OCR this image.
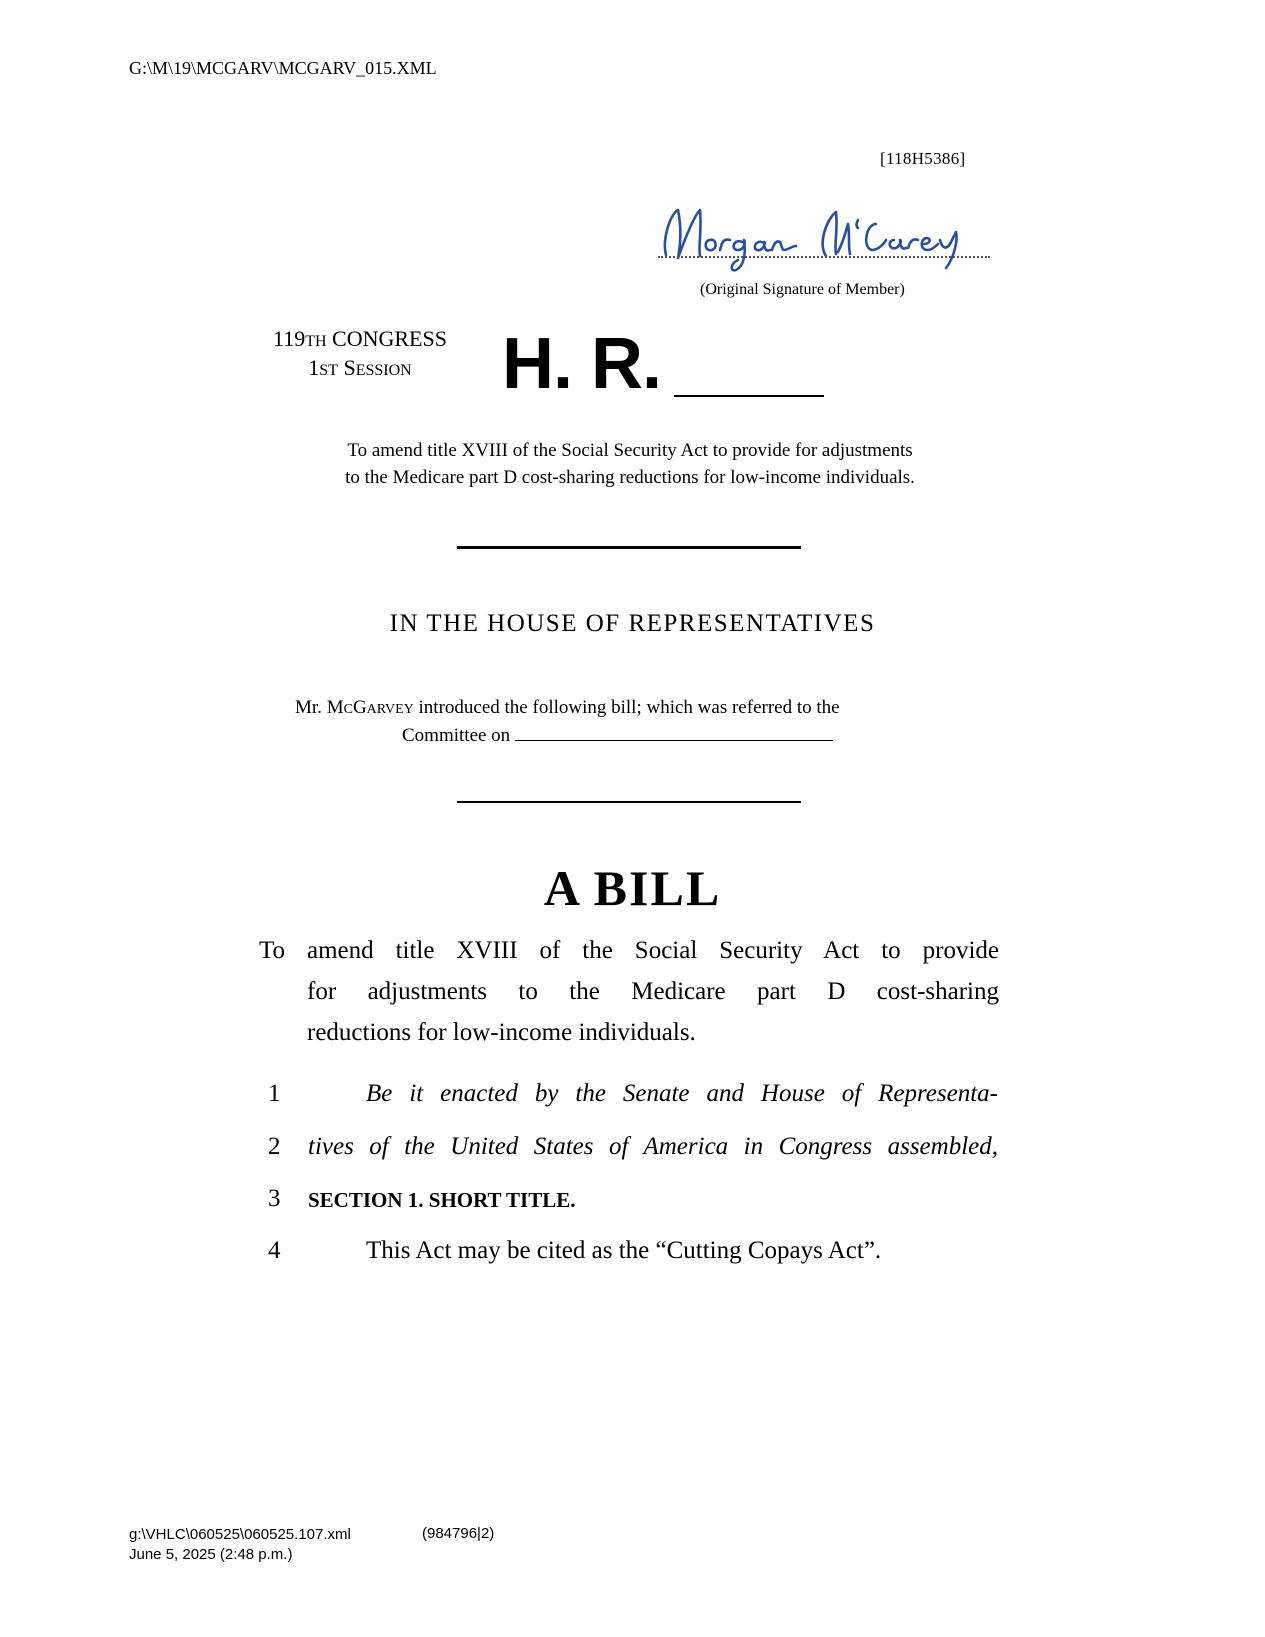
G:\M\19\MCGARV\MCGARV_015.XML
[118H5386]
(Original Signature of Member)
119TH CONGRESS
1ST SESSION	H. R.
To amend title XVIII of the Social Security Act to provide for adjustments
to the Medicare part D cost-sharing reductions for low-income individuals.
IN THE HOUSE OF REPRESENTATIVES
Mr. MCGARVEY introduced the following bill; which was referred to the
Committee on
A BILL
To amend title XVIII of the Social Security Act to provide
for adjustments to the Medicare part D cost-sharing
reductions for low-income individuals.
1	Be it enacted by the Senate and House of Representa-
2	tives of the United States of America in Congress assembled,
3	SECTION 1. SHORT TITLE.
4	This Act may be cited as the “Cutting Copays Act”.
g:\VHLC\060525\060525.107.xml
June 5, 2025 (2:48 p.m.)
(984796|2)
